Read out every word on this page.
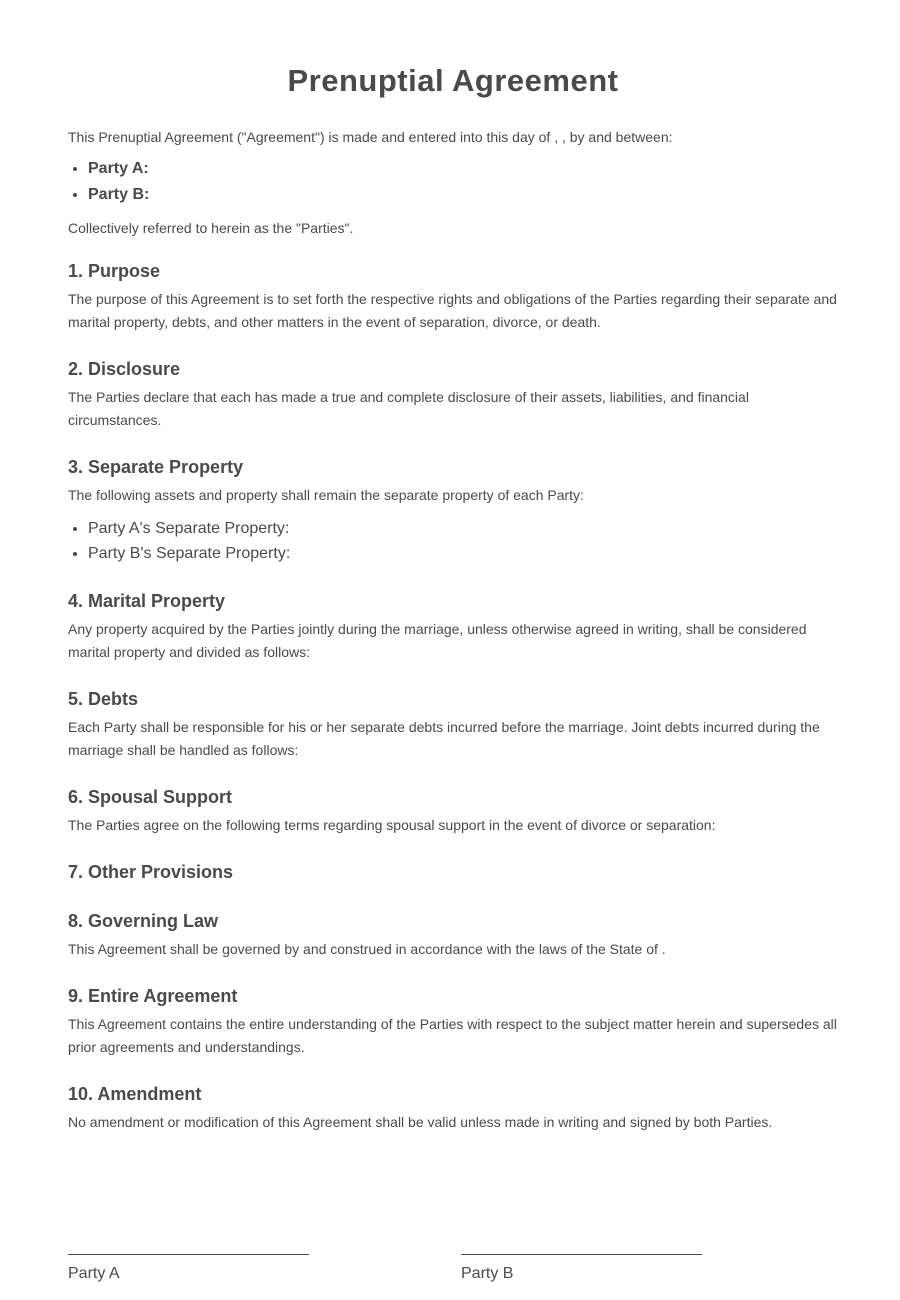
Prenuptial Agreement

This Prenuptial Agreement ("Agreement") is made and entered into this day of , , by and between:

• Party A:
• Party B:

Collectively referred to herein as the "Parties".

1. Purpose

The purpose of this Agreement is to set forth the respective rights and obligations of the Parties regarding their separate and marital property, debts, and other matters in the event of separation, divorce, or death.

2. Disclosure

The Parties declare that each has made a true and complete disclosure of their assets, liabilities, and financial circumstances.

3. Separate Property

The following assets and property shall remain the separate property of each Party:

• Party A's Separate Property:
• Party B's Separate Property:
4. Marital Property

Any property acquired by the Parties jointly during the marriage, unless otherwise agreed in writing, shall be considered marital property and divided as follows:

5. Debts

Each Party shall be responsible for his or her separate debts incurred before the marriage. Joint debts incurred during the marriage shall be handled as follows:

6. Spousal Support

The Parties agree on the following terms regarding spousal support in the event of divorce or separation:

7. Other Provisions
8. Governing Law

This Agreement shall be governed by and construed in accordance with the laws of the State of .

9. Entire Agreement

This Agreement contains the entire understanding of the Parties with respect to the subject matter herein and supersedes all prior agreements and understandings.

10. Amendment

No amendment or modification of this Agreement shall be valid unless made in writing and signed by both Parties.

Party A	Party B
